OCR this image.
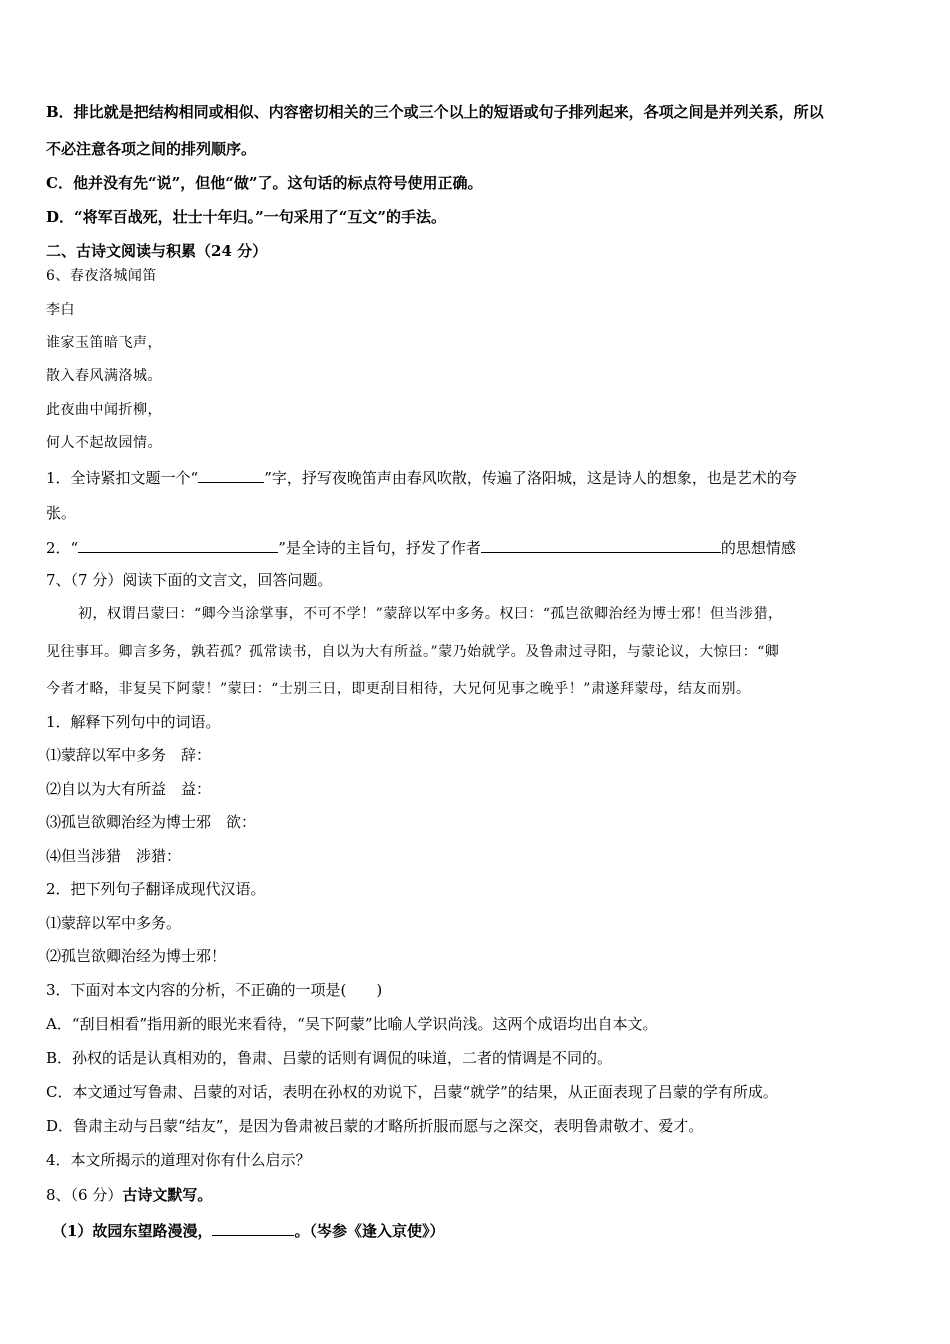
B．排比就是把结构相同或相似、内容密切相关的三个或三个以上的短语或句子排列起来，各项之间是并列关系，所以
不必注意各项之间的排列顺序。
C．他并没有先“说”，但他“做”了。这句话的标点符号使用正确。
D．“将军百战死，壮士十年归。”一句采用了“互文”的手法。
二、古诗文阅读与积累（24 分）
6、春夜洛城闻笛
李白
谁家玉笛暗飞声，
散入春风满洛城。
此夜曲中闻折柳，
何人不起故园情。
1．全诗紧扣文题一个“	”字，抒写夜晚笛声由春风吹散，传遍了洛阳城，这是诗人的想象，也是艺术的夸
张。
2．“	”是全诗的主旨句，抒发了作者	的思想情感
7、（7 分）阅读下面的文言文，回答问题。
初，权谓吕蒙曰：“卿今当涂掌事，不可不学！”蒙辞以军中多务。权曰：“孤岂欲卿治经为博士邪！但当涉猎，
见往事耳。卿言多务，孰若孤？孤常读书，自以为大有所益。”蒙乃始就学。及鲁肃过寻阳，与蒙论议，大惊曰：“卿
今者才略，非复吴下阿蒙！”蒙曰：“士别三日，即更刮目相待，大兄何见事之晚乎！”肃遂拜蒙母，结友而别。
1．解释下列句中的词语。
⑴蒙辞以军中多务　辞：
⑵自以为大有所益　益：
⑶孤岂欲卿治经为博士邪　欲：
⑷但当涉猎　涉猎：
2．把下列句子翻译成现代汉语。
⑴蒙辞以军中多务。
⑵孤岂欲卿治经为博士邪！
3．下面对本文内容的分析，不正确的一项是(　　)
A．“刮目相看”指用新的眼光来看待，“吴下阿蒙”比喻人学识尚浅。这两个成语均出自本文。
B．孙权的话是认真相劝的，鲁肃、吕蒙的话则有调侃的味道，二者的情调是不同的。
C．本文通过写鲁肃、吕蒙的对话，表明在孙权的劝说下，吕蒙“就学”的结果，从正面表现了吕蒙的学有所成。
D．鲁肃主动与吕蒙“结友”，是因为鲁肃被吕蒙的才略所折服而愿与之深交，表明鲁肃敬才、爱才。
4．本文所揭示的道理对你有什么启示？
8、（6 分）古诗文默写。
（1）故园东望路漫漫，	。（岑参《逢入京使》）
